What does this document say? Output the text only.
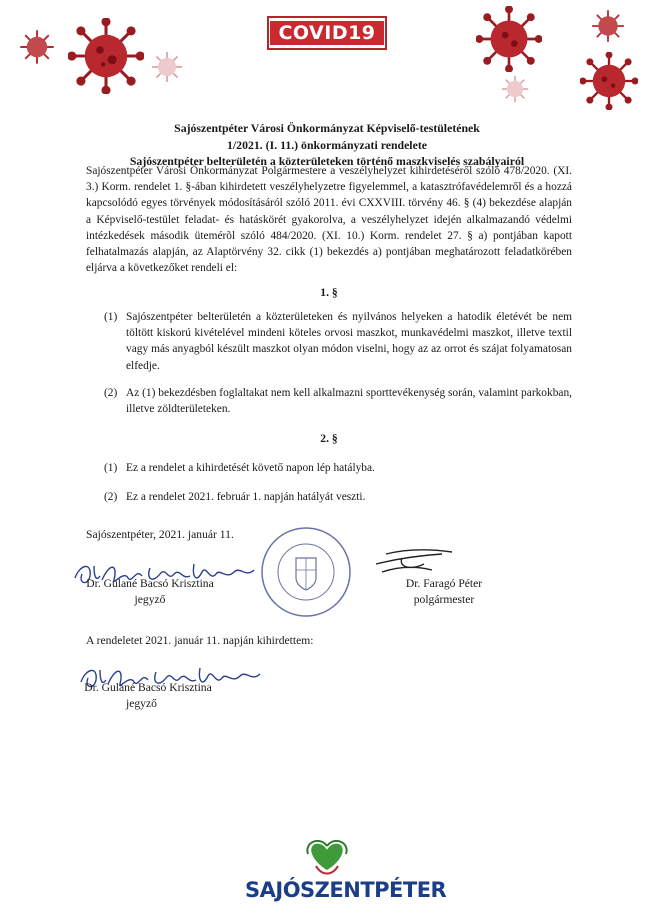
COVID19
Sajószentpéter Városi Önkormányzat Képviselő-testületének
1/2021. (I. 11.) önkormányzati rendelete
Sajószentpéter belterületén a közterületeken történő maszkviselés szabályairól
Sajószentpéter Városi Önkormányzat Polgármestere a veszélyhelyzet kihirdetéséről szóló 478/2020. (XI. 3.) Korm. rendelet 1. §-ában kihirdetett veszélyhelyzetre figyelemmel, a katasztrófavédelemről és a hozzá kapcsolódó egyes törvények módosításáról szóló 2011. évi CXXVIII. törvény 46. § (4) bekezdése alapján a Képviselő-testület feladat- és hatáskörét gyakorolva, a veszélyhelyzet idején alkalmazandó védelmi intézkedések második ütemérõl szóló 484/2020. (XI. 10.) Korm. rendelet 27. § a) pontjában kapott felhatalmazás alapján, az Alaptörvény 32. cikk (1) bekezdés a) pontjában meghatározott feladatkörében eljárva a következőket rendeli el:
1. §
(1) Sajószentpéter belterületén a közterületeken és nyilvános helyeken a hatodik életévét be nem töltött kiskorú kivételével mindeni köteles orvosi maszkot, munkavédelmi maszkot, illetve textil vagy más anyagból készült maszkot olyan módon viselni, hogy az az orrot és szájat folyamatosan elfedje.
(2) Az (1) bekezdésben foglaltakat nem kell alkalmazni sporttevékenység során, valamint parkokban, illetve zöldterületeken.
2. §
(1) Ez a rendelet a kihirdetését követő napon lép hatályba.
(2) Ez a rendelet 2021. február 1. napján hatályát veszti.
Sajószentpéter, 2021. január 11.
Dr. Gulané Bacsó Krisztina
jegyző
Dr. Faragó Péter
polgármester
A rendeletet 2021. január 11. napján kihirdettem:
Dr. Gulané Bacsó Krisztina
jegyző
SAJÓSZENTPÉTER
